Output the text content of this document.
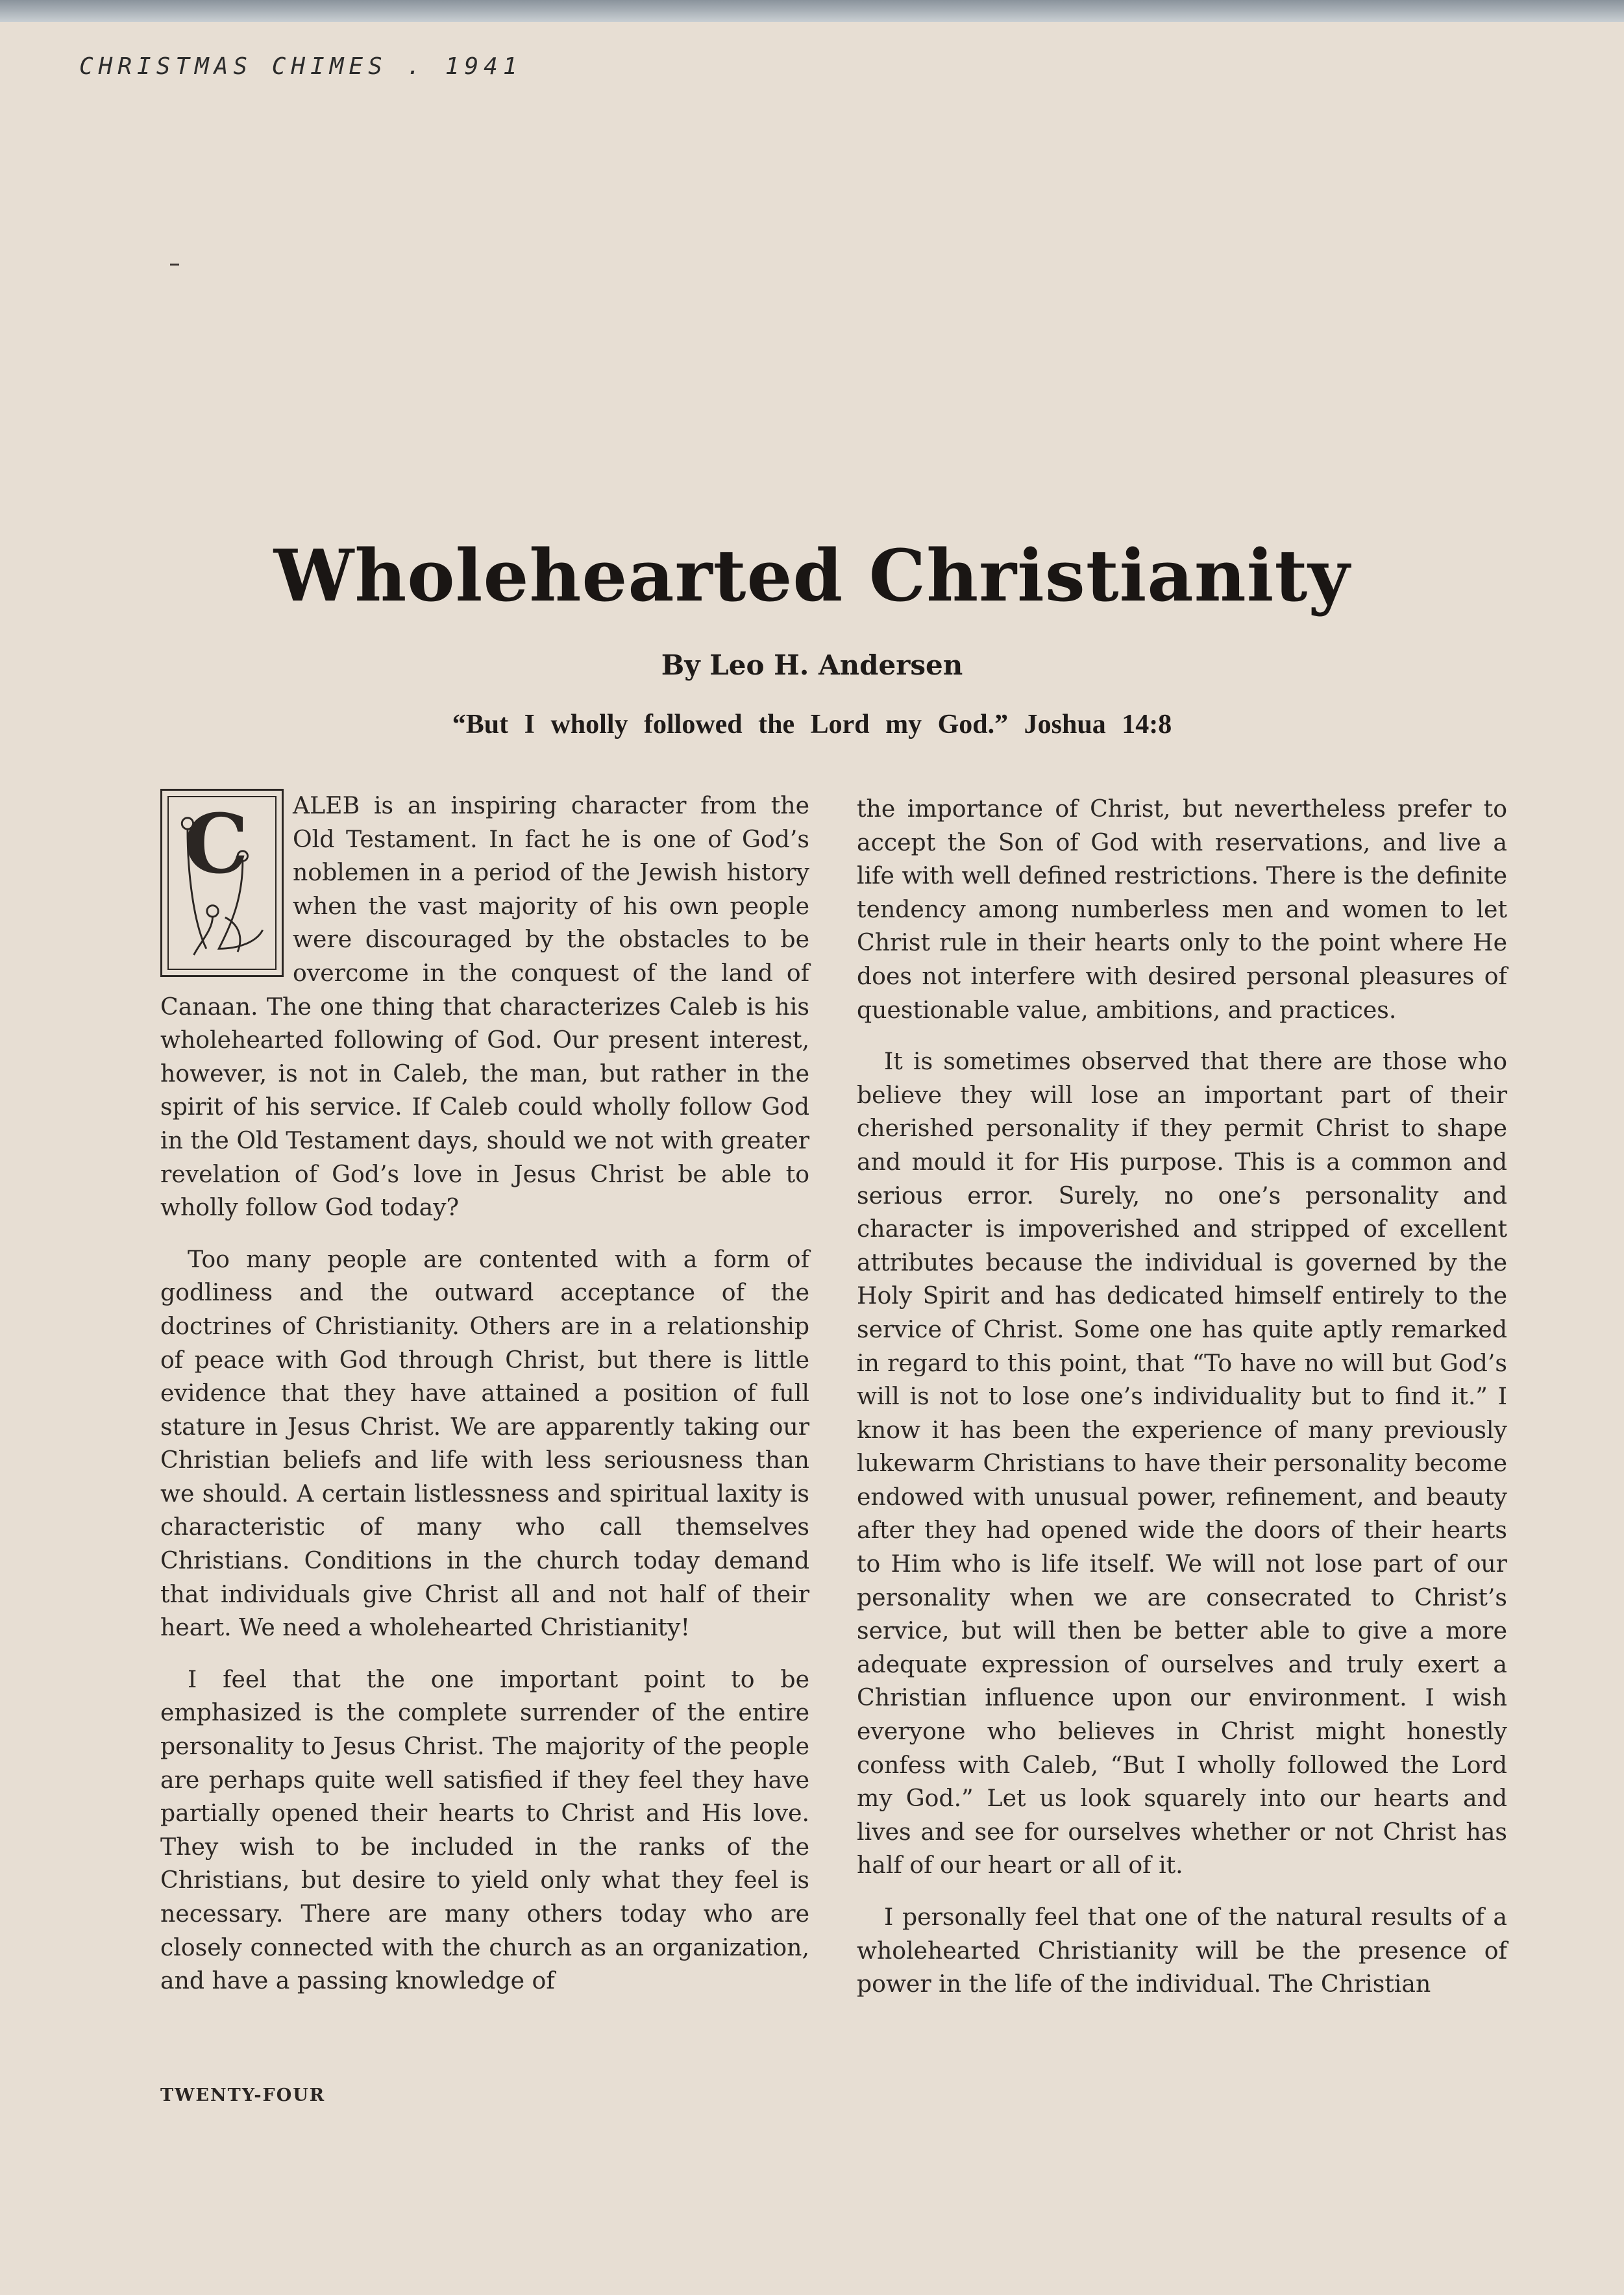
CHRISTMAS CHIMES . 1941
Wholehearted Christianity
By Leo H. Andersen
“But I wholly followed the Lord my God.” Joshua 14:8
C	ALEB is an inspiring character from the Old Testament. In fact he is one of God’s noblemen in a period of the Jewish history when the vast majority of his own people were discouraged by the obstacles to be overcome in the conquest of the land of Canaan. The one thing that characterizes Caleb is his wholehearted following of God. Our present interest, however, is not in Caleb, the man, but rather in the spirit of his service. If Caleb could wholly follow God in the Old Testament days, should we not with greater revelation of God’s love in Jesus Christ be able to wholly follow God today?

Too many people are contented with a form of godliness and the outward acceptance of the doctrines of Christianity. Others are in a relationship of peace with God through Christ, but there is little evidence that they have attained a position of full stature in Jesus Christ. We are apparently taking our Christian beliefs and life with less seriousness than we should. A certain listlessness and spiritual laxity is characteristic of many who call themselves Christians. Conditions in the church today demand that individuals give Christ all and not half of their heart. We need a wholehearted Christianity!

I feel that the one important point to be emphasized is the complete surrender of the entire personality to Jesus Christ. The majority of the people are perhaps quite well satisfied if they feel they have partially opened their hearts to Christ and His love. They wish to be included in the ranks of the Christians, but desire to yield only what they feel is necessary. There are many others today who are closely connected with the church as an organization, and have a passing knowledge of

the importance of Christ, but nevertheless prefer to accept the Son of God with reservations, and live a life with well defined restrictions. There is the definite tendency among numberless men and women to let Christ rule in their hearts only to the point where He does not interfere with desired personal pleasures of questionable value, ambitions, and practices.

It is sometimes observed that there are those who believe they will lose an important part of their cherished personality if they permit Christ to shape and mould it for His purpose. This is a common and serious error. Surely, no one’s personality and character is impoverished and stripped of excellent attributes because the individual is governed by the Holy Spirit and has dedicated himself entirely to the service of Christ. Some one has quite aptly remarked in regard to this point, that “To have no will but God’s will is not to lose one’s individuality but to find it.” I know it has been the experience of many previously lukewarm Christians to have their personality become endowed with unusual power, refinement, and beauty after they had opened wide the doors of their hearts to Him who is life itself. We will not lose part of our personality when we are consecrated to Christ’s service, but will then be better able to give a more adequate expression of ourselves and truly exert a Christian influence upon our environment. I wish everyone who believes in Christ might honestly confess with Caleb, “But I wholly followed the Lord my God.” Let us look squarely into our hearts and lives and see for ourselves whether or not Christ has half of our heart or all of it.

I personally feel that one of the natural results of a wholehearted Christianity will be the presence of power in the life of the individual. The Christian

TWENTY-FOUR
